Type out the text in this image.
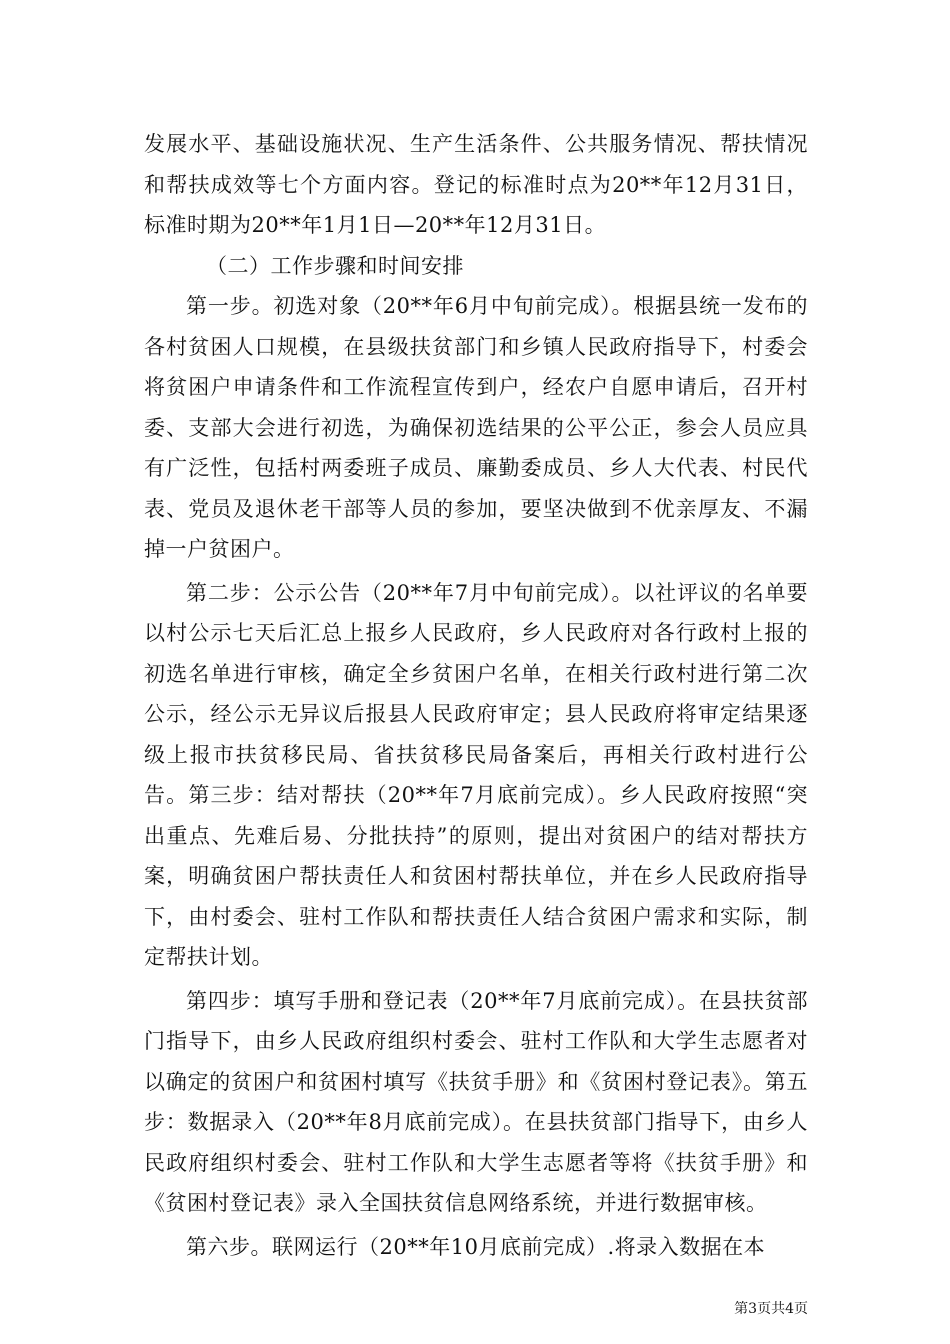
发展水平、基础设施状况、生产生活条件、公共服务情况、帮扶情况和帮扶成效等七个方面内容。登记的标准时点为20**年12月31日，标准时期为20**年1月1日—20**年12月31日。

（二）工作步骤和时间安排

第一步。初选对象（20**年6月中旬前完成）。根据县统一发布的各村贫困人口规模，在县级扶贫部门和乡镇人民政府指导下，村委会将贫困户申请条件和工作流程宣传到户，经农户自愿申请后，召开村委、支部大会进行初选，为确保初选结果的公平公正，参会人员应具有广泛性，包括村两委班子成员、廉勤委成员、乡人大代表、村民代表、党员及退休老干部等人员的参加，要坚决做到不优亲厚友、不漏掉一户贫困户。

第二步：公示公告（20**年7月中旬前完成）。以社评议的名单要以村公示七天后汇总上报乡人民政府，乡人民政府对各行政村上报的初选名单进行审核，确定全乡贫困户名单，在相关行政村进行第二次公示，经公示无异议后报县人民政府审定；县人民政府将审定结果逐级上报市扶贫移民局、省扶贫移民局备案后，再相关行政村进行公告。第三步：结对帮扶（20**年7月底前完成）。乡人民政府按照“突出重点、先难后易、分批扶持”的原则，提出对贫困户的结对帮扶方案，明确贫困户帮扶责任人和贫困村帮扶单位，并在乡人民政府指导下，由村委会、驻村工作队和帮扶责任人结合贫困户需求和实际，制定帮扶计划。

第四步：填写手册和登记表（20**年7月底前完成）。在县扶贫部门指导下，由乡人民政府组织村委会、驻村工作队和大学生志愿者对以确定的贫困户和贫困村填写《扶贫手册》和《贫困村登记表》。第五步：数据录入（20**年8月底前完成）。在县扶贫部门指导下，由乡人民政府组织村委会、驻村工作队和大学生志愿者等将《扶贫手册》和《贫困村登记表》录入全国扶贫信息网络系统，并进行数据审核。

第六步。联网运行（20**年10月底前完成）.将录入数据在本

第3页共4页
